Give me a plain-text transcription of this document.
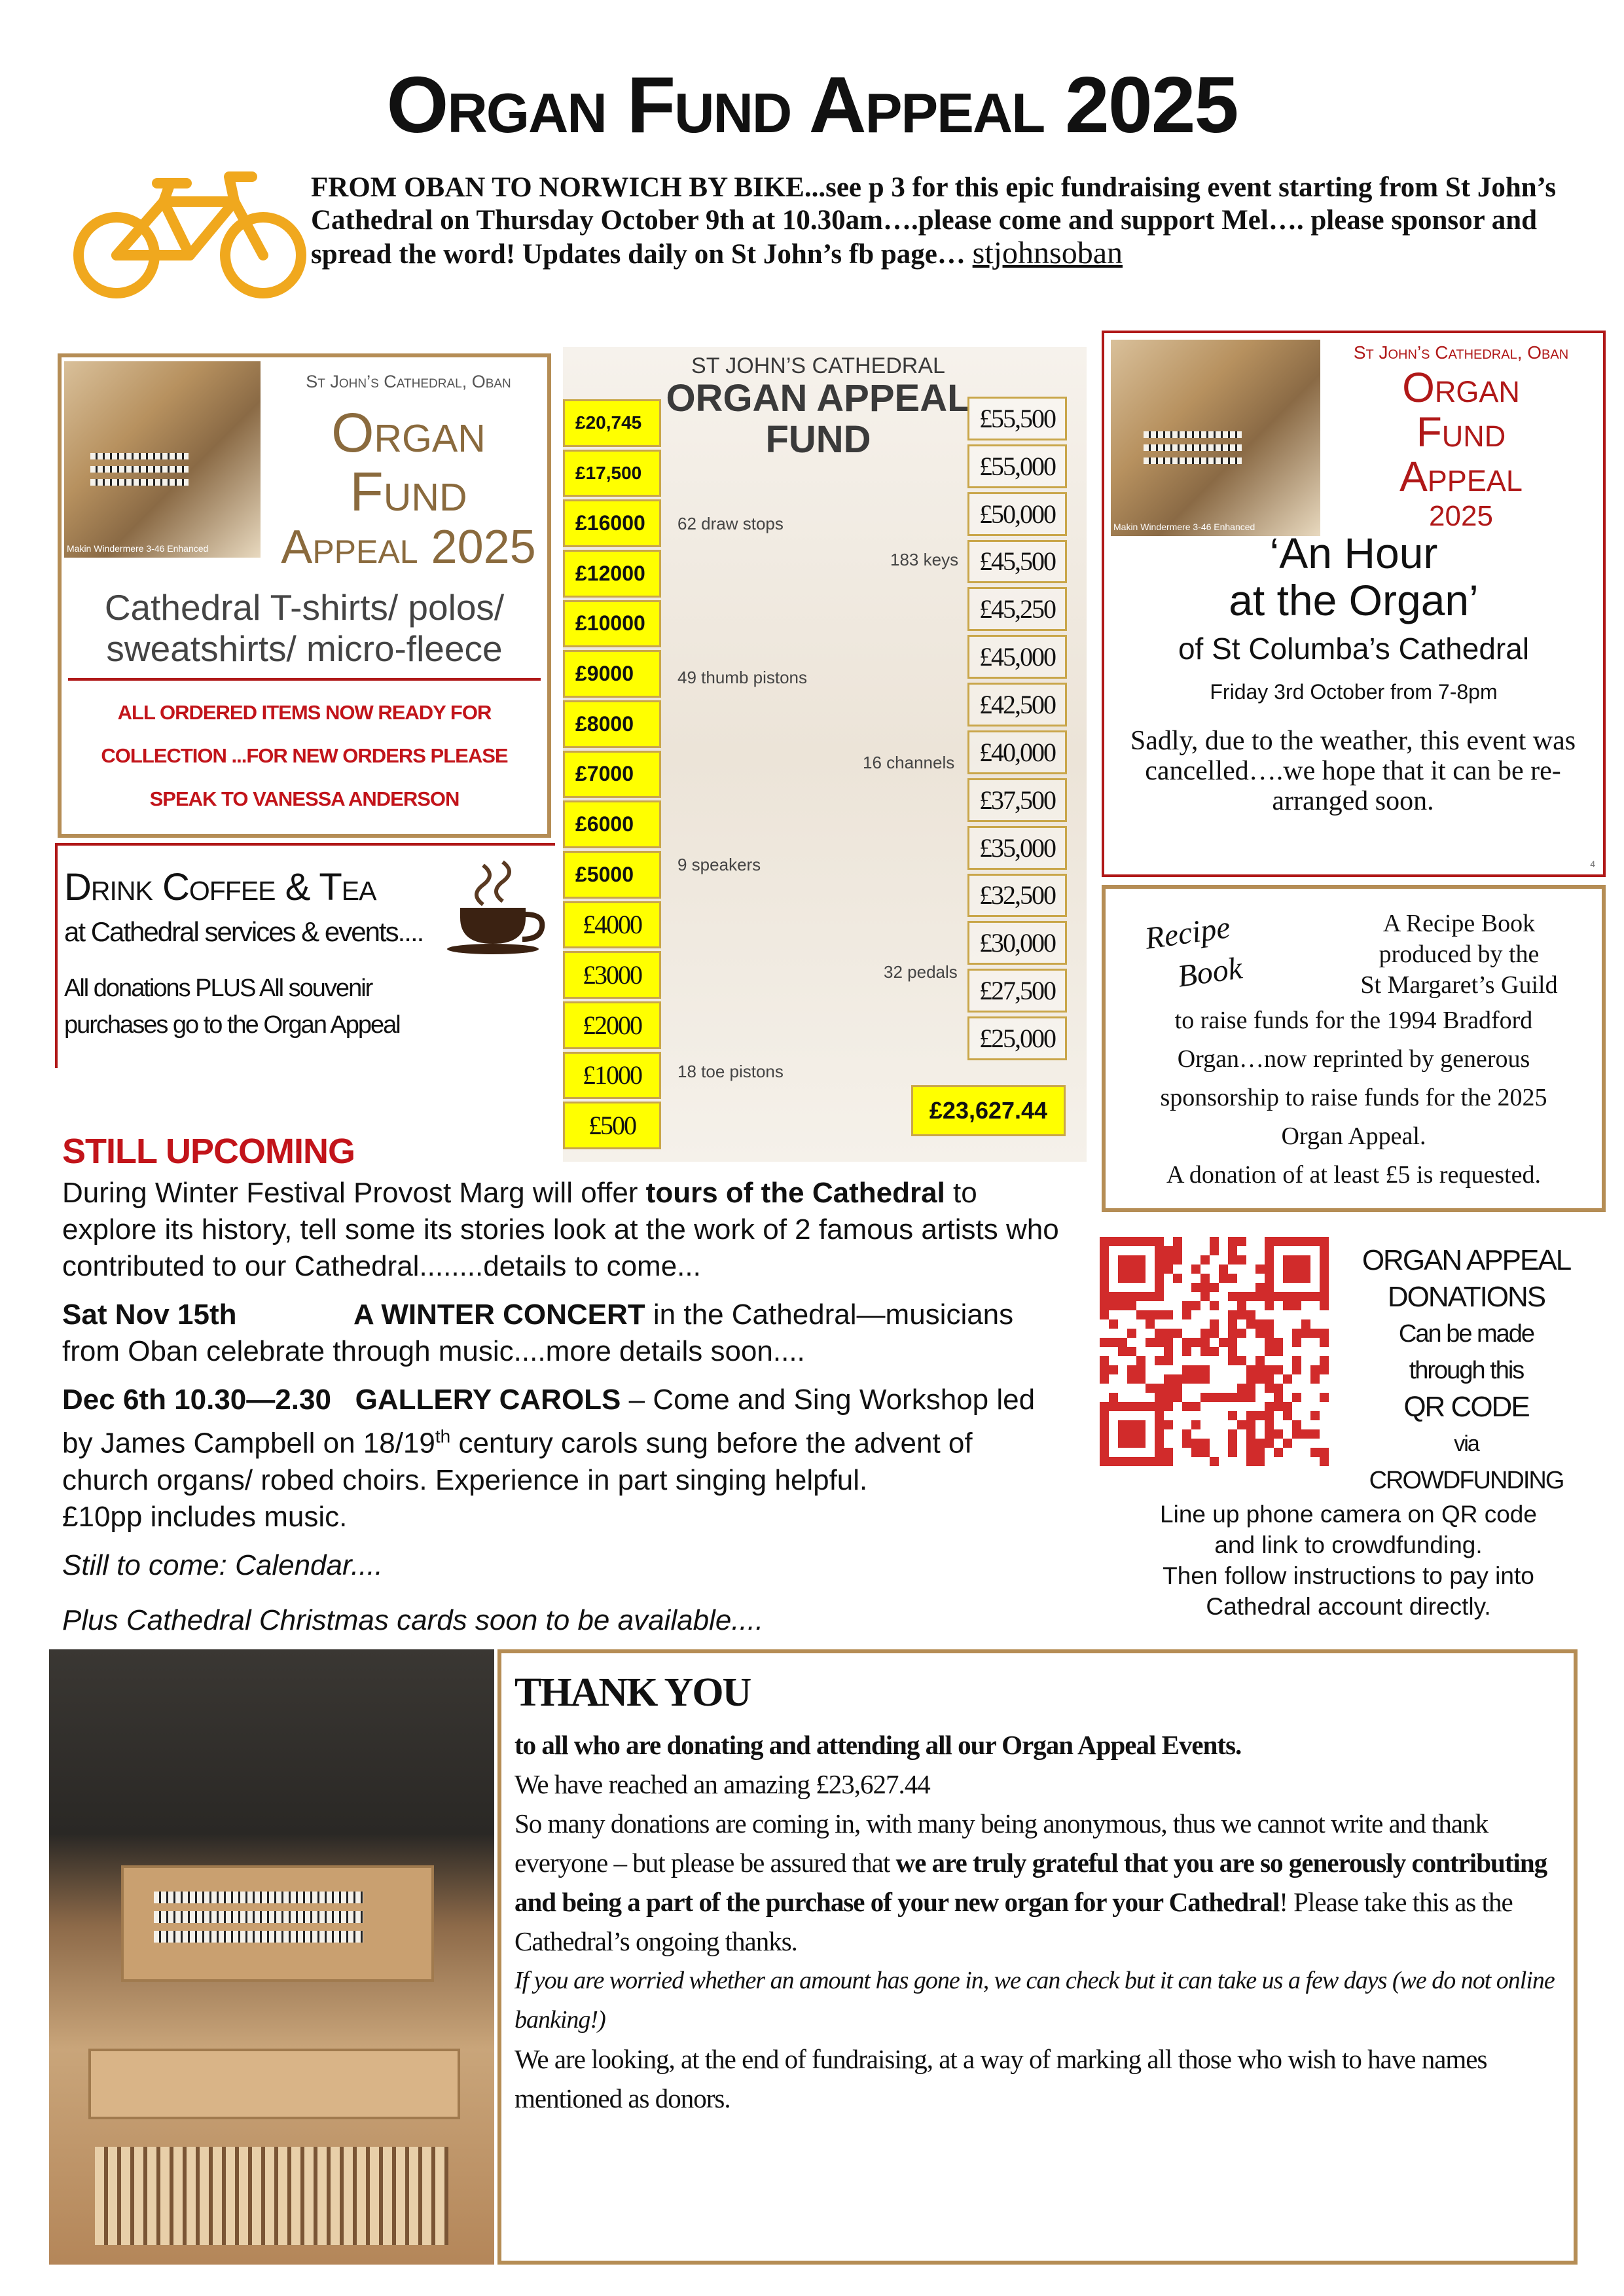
Organ Fund Appeal 2025
FROM OBAN TO NORWICH BY BIKE...see p 3 for this epic fundraising event starting from St John’s Cathedral on Thursday October 9th at 10.30am….please come and support Mel…. please sponsor and spread the word! Updates daily on St John’s fb page… stjohnsoban
Makin Windermere 3-46 Enhanced
St John’s Cathedral, Oban
Organ
Fund
Appeal 2025
Cathedral T-shirts/ polos/
sweatshirts/ micro-fleece
ALL ORDERED ITEMS NOW READY FOR
COLLECTION ...FOR NEW ORDERS PLEASE
SPEAK TO VANESSA ANDERSON
Drink Coffee & Tea
at Cathedral services & events....
All donations PLUS All souvenir purchases go to the Organ Appeal
ST JOHN’S CATHEDRAL
ORGAN APPEAL
FUND
£20,745
£17,500
£16000
£12000
£10000
£9000
£8000
£7000
£6000
£5000
£4000
£3000
£2000
£1000
£500
£55,500
£55,000
£50,000
£45,500
£45,250
£45,000
£42,500
£40,000
£37,500
£35,000
£32,500
£30,000
£27,500
£25,000
62 draw stops
183 keys
49 thumb pistons
16 channels
9 speakers
32 pedals
18 toe pistons
£23,627.44
Makin Windermere 3-46 Enhanced
St John’s Cathedral, Oban
Organ
Fund
Appeal
2025
‘An Hour
at the Organ’
of St Columba’s Cathedral
Friday 3rd October from 7-8pm
Sadly, due to the weather, this event was cancelled….we hope that it can be re-arranged soon.
4
Recipe
Book
A Recipe Book
produced by the
St Margaret’s Guild
to raise funds for the 1994 Bradford
Organ…now reprinted by generous
sponsorship to raise funds for the 2025
Organ Appeal.
A donation of at least £5 is requested.
STILL UPCOMING
During Winter Festival Provost Marg will offer tours of the Cathedral to explore its history, tell some its stories look at the work of 2 famous artists who contributed to our Cathedral........details to come...
Sat Nov 15th	A WINTER CONCERT in the Cathedral—musicians from Oban celebrate through music....more details soon....
Dec 6th 10.30—2.30 GALLERY CAROLS – Come and Sing Workshop led by James Campbell on 18/19th century carols sung before the advent of church organs/ robed choirs. Experience in part singing helpful.
£10pp includes music.
Still to come: Calendar....
Plus Cathedral Christmas cards soon to be available....
ORGAN APPEAL
DONATIONS
Can be made
through this
QR CODE
via
CROWDFUNDING
Line up phone camera on QR code
and link to crowdfunding.
Then follow instructions to pay into
Cathedral account directly.
THANK YOU
to all who are donating and attending all our Organ Appeal Events.
We have reached an amazing £23,627.44
So many donations are coming in, with many being anonymous, thus we cannot write and thank everyone – but please be assured that we are truly grateful that you are so generously contributing and being a part of the purchase of your new organ for your Cathedral! Please take this as the Cathedral’s ongoing thanks.
If you are worried whether an amount has gone in, we can check but it can take us a few days (we do not online banking!)
We are looking, at the end of fundraising, at a way of marking all those who wish to have names mentioned as donors.
